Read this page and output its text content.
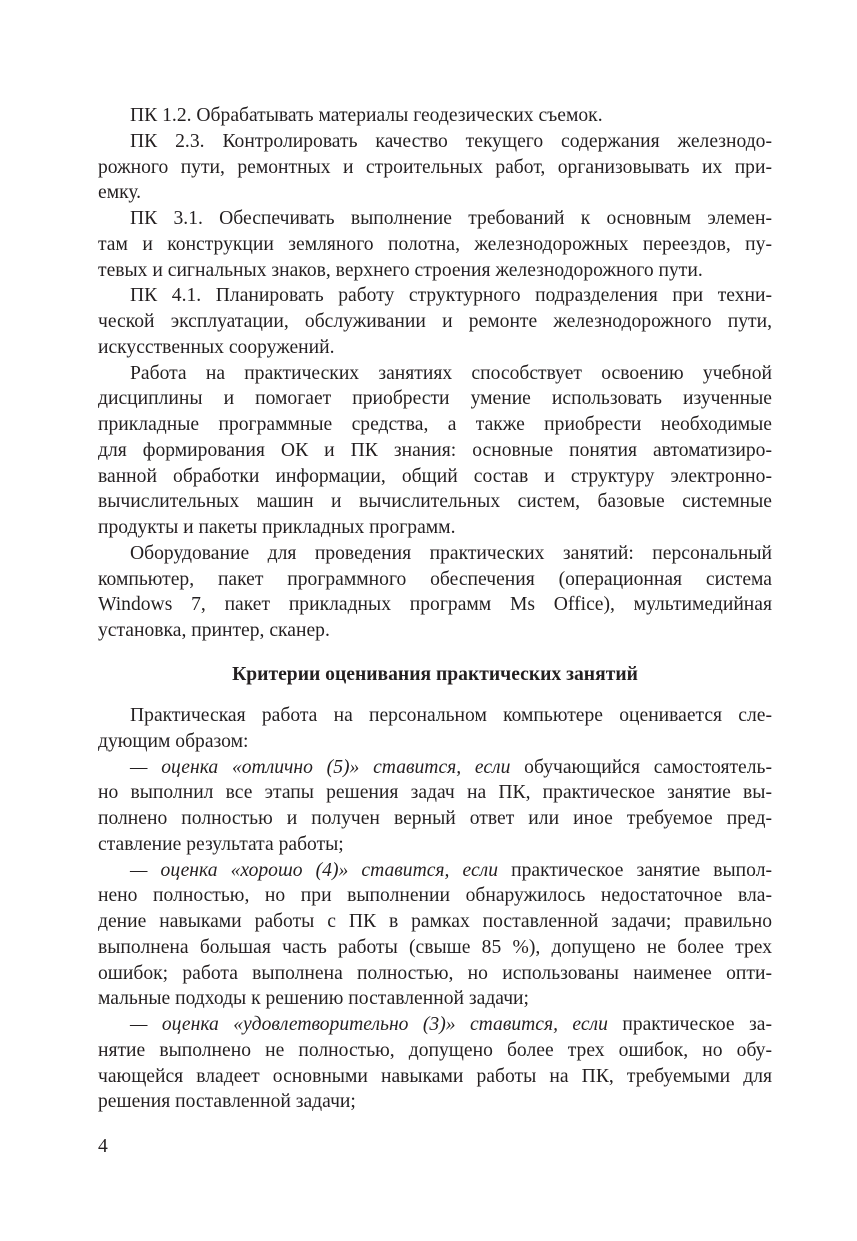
ПК 1.2. Обрабатывать материалы геодезических съемок.
ПК 2.3. Контролировать качество текущего содержания железнодо-
рожного пути, ремонтных и строительных работ, организовывать их при-
емку.
ПК 3.1. Обеспечивать выполнение требований к основным элемен-
там и конструкции земляного полотна, железнодорожных переездов, пу-
тевых и сигнальных знаков, верхнего строения железнодорожного пути.
ПК 4.1. Планировать работу структурного подразделения при техни-
ческой эксплуатации, обслуживании и ремонте железнодорожного пути,
искусственных сооружений.
Работа на практических занятиях способствует освоению учебной
дисциплины и помогает приобрести умение использовать изученные
прикладные программные средства, а также приобрести необходимые
для формирования ОК и ПК знания: основные понятия автоматизиро-
ванной обработки информации, общий состав и структуру электронно-
вычислительных машин и вычислительных систем, базовые системные
продукты и пакеты прикладных программ.
Оборудование для проведения практических занятий: персональный
компьютер, пакет программного обеспечения (операционная система
Windows 7, пакет прикладных программ Ms Office), мультимедийная
установка, принтер, сканер.
Критерии оценивания практических занятий
Практическая работа на персональном компьютере оценивается сле-
дующим образом:
— оценка «отлично (5)» ставится, если обучающийся самостоятель-
но выполнил все этапы решения задач на ПК, практическое занятие вы-
полнено полностью и получен верный ответ или иное требуемое пред-
ставление результата работы;
— оценка «хорошо (4)» ставится, если практическое занятие выпол-
нено полностью, но при выполнении обнаружилось недостаточное вла-
дение навыками работы с ПК в рамках поставленной задачи; правильно
выполнена большая часть работы (свыше 85 %), допущено не более трех
ошибок; работа выполнена полностью, но использованы наименее опти-
мальные подходы к решению поставленной задачи;
— оценка «удовлетворительно (3)» ставится, если практическое за-
нятие выполнено не полностью, допущено более трех ошибок, но обу-
чающейся владеет основными навыками работы на ПК, требуемыми для
решения поставленной задачи;
4
